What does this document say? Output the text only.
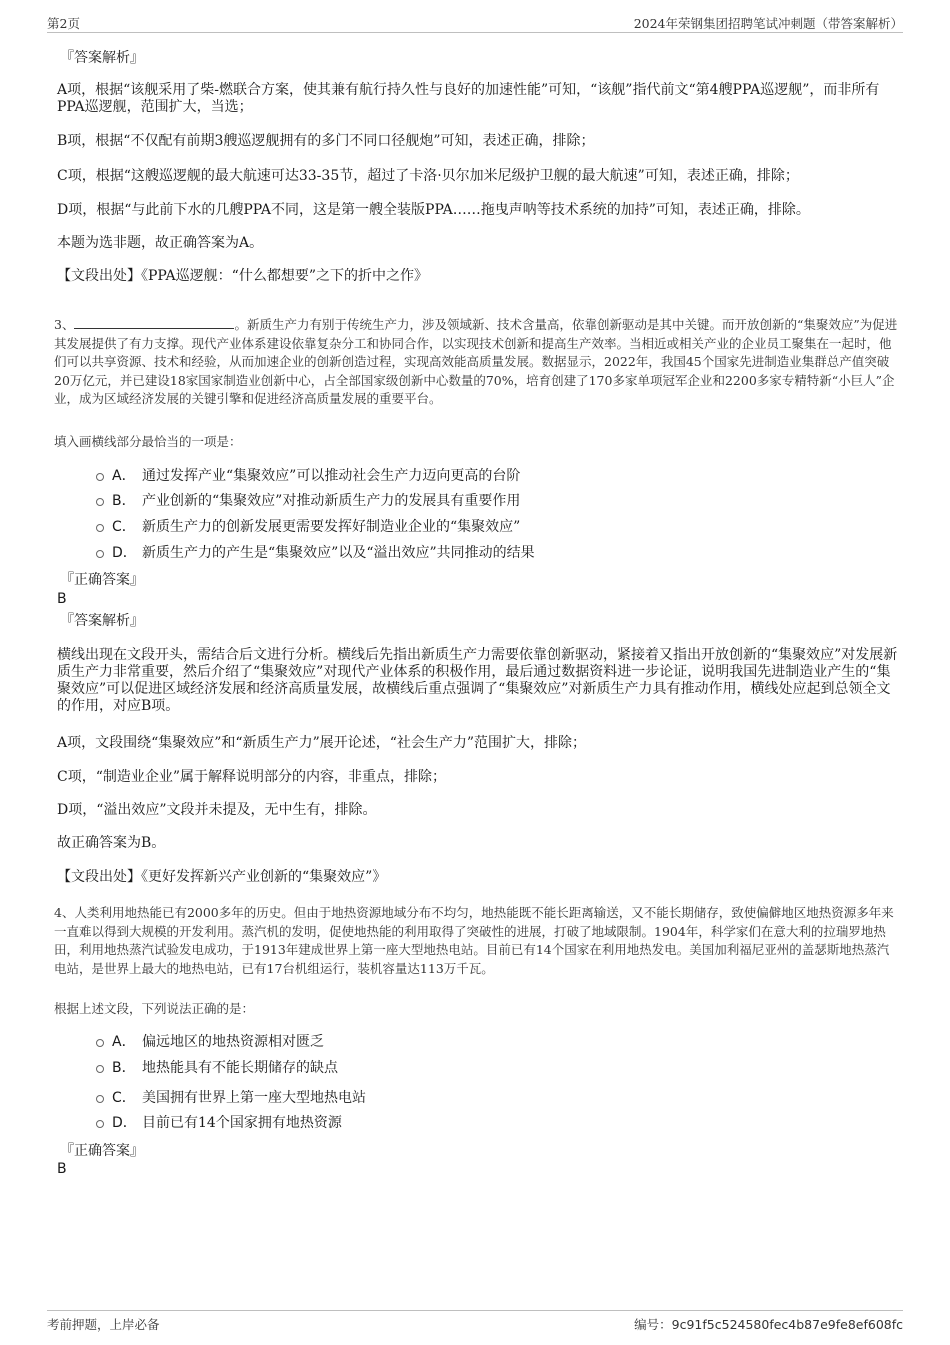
第2页	2024年荣钢集团招聘笔试冲刺题（带答案解析）
『答案解析』
A项，根据“该舰采用了柴-燃联合方案，使其兼有航行持久性与良好的加速性能”可知，“该舰”指代前文“第4艘PPA巡逻舰”，而非所有PPA巡逻舰，范围扩大，当选；
B项，根据“不仅配有前期3艘巡逻舰拥有的多门不同口径舰炮”可知，表述正确，排除；
C项，根据“这艘巡逻舰的最大航速可达33-35节，超过了卡洛·贝尔加米尼级护卫舰的最大航速”可知，表述正确，排除；
D项，根据“与此前下水的几艘PPA不同，这是第一艘全装版PPA……拖曳声呐等技术系统的加持”可知，表述正确，排除。
本题为选非题，故正确答案为A。
【文段出处】《PPA巡逻舰：“什么都想要”之下的折中之作》
3、	。新质生产力有别于传统生产力，涉及领域新、技术含量高，依靠创新驱动是其中关键。而开放创新的“集聚效应”为促进其发展提供了有力支撑。现代产业体系建设依靠复杂分工和协同合作，以实现技术创新和提高生产效率。当相近或相关产业的企业员工聚集在一起时，他们可以共享资源、技术和经验，从而加速企业的创新创造过程，实现高效能高质量发展。数据显示，2022年，我国45个国家先进制造业集群总产值突破20万亿元，并已建设18家国家制造业创新中心，占全部国家级创新中心数量的70%，培育创建了170多家单项冠军企业和2200多家专精特新“小巨人”企业，成为区域经济发展的关键引擎和促进经济高质量发展的重要平台。
填入画横线部分最恰当的一项是：
A． 通过发挥产业“集聚效应”可以推动社会生产力迈向更高的台阶
B． 产业创新的“集聚效应”对推动新质生产力的发展具有重要作用
C． 新质生产力的创新发展更需要发挥好制造业企业的“集聚效应”
D． 新质生产力的产生是“集聚效应”以及“溢出效应”共同推动的结果
『正确答案』
B
『答案解析』
横线出现在文段开头，需结合后文进行分析。横线后先指出新质生产力需要依靠创新驱动，紧接着又指出开放创新的“集聚效应”对发展新质生产力非常重要，然后介绍了“集聚效应”对现代产业体系的积极作用，最后通过数据资料进一步论证，说明我国先进制造业产生的“集聚效应”可以促进区域经济发展和经济高质量发展，故横线后重点强调了“集聚效应”对新质生产力具有推动作用，横线处应起到总领全文的作用，对应B项。
A项，文段围绕“集聚效应”和“新质生产力”展开论述，“社会生产力”范围扩大，排除；
C项，“制造业企业”属于解释说明部分的内容，非重点，排除；
D项，“溢出效应”文段并未提及，无中生有，排除。
故正确答案为B。
【文段出处】《更好发挥新兴产业创新的“集聚效应”》
4、人类利用地热能已有2000多年的历史。但由于地热资源地域分布不均匀，地热能既不能长距离输送，又不能长期储存，致使偏僻地区地热资源多年来一直难以得到大规模的开发利用。蒸汽机的发明，促使地热能的利用取得了突破性的进展，打破了地域限制。1904年，科学家们在意大利的拉瑞罗地热田，利用地热蒸汽试验发电成功，于1913年建成世界上第一座大型地热电站。目前已有14个国家在利用地热发电。美国加利福尼亚州的盖瑟斯地热蒸汽电站，是世界上最大的地热电站，已有17台机组运行，装机容量达113万千瓦。
根据上述文段，下列说法正确的是：
A． 偏远地区的地热资源相对匮乏
B． 地热能具有不能长期储存的缺点
C． 美国拥有世界上第一座大型地热电站
D． 目前已有14个国家拥有地热资源
『正确答案』
B
考前押题，上岸必备	编号：9c91f5c524580fec4b87e9fe8ef608fc
